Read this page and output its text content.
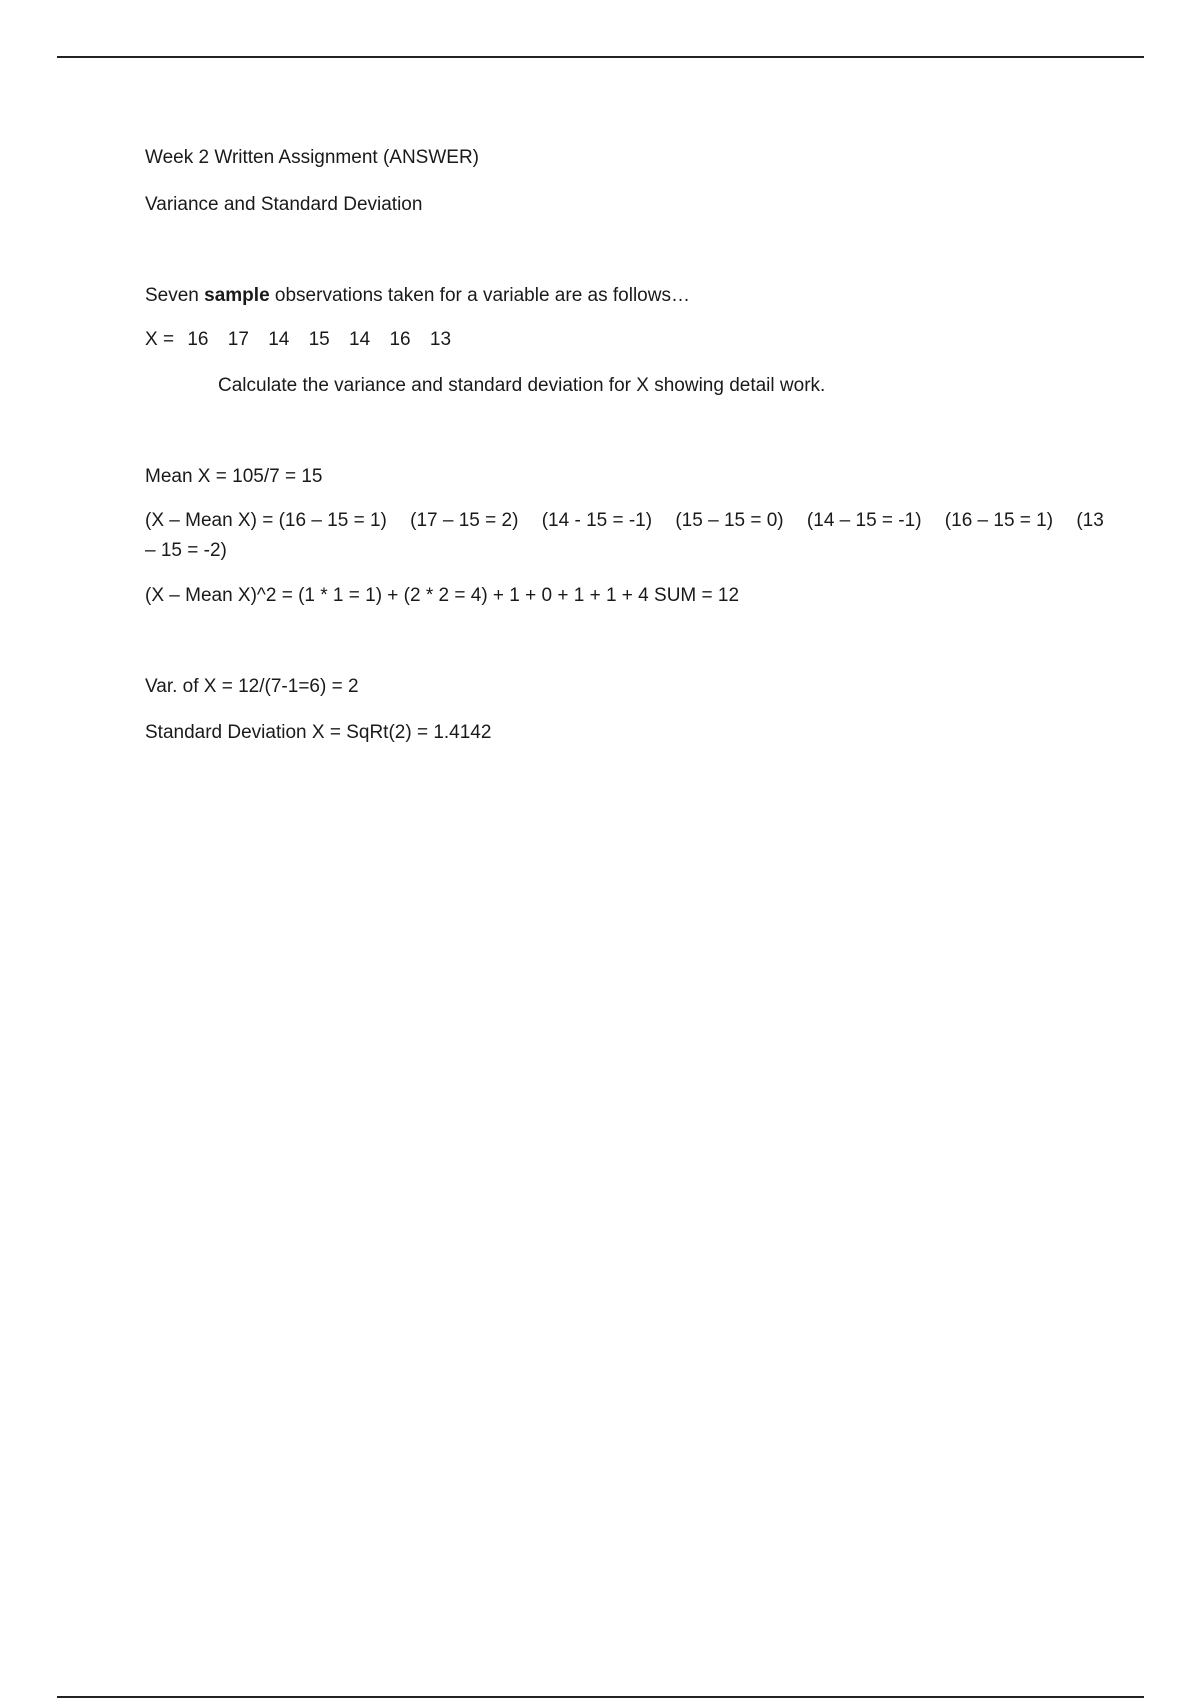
Week 2 Written Assignment (ANSWER)
Variance and Standard Deviation
Seven sample observations taken for a variable are as follows…
X = 16 17 14 15 14 16 13
Calculate the variance and standard deviation for X showing detail work.
Mean X = 105/7 = 15
(X – Mean X) = (16 – 15 = 1) (17 – 15 = 2) (14 - 15 = -1) (15 – 15 = 0) (14 – 15 = -1) (16 – 15 = 1) (13 – 15 = -2)
(X – Mean X)^2 = (1 * 1 = 1) + (2 * 2 = 4) + 1 + 0 + 1 + 1 + 4 SUM = 12
Var. of X = 12/(7-1=6) = 2
Standard Deviation X = SqRt(2) = 1.4142
